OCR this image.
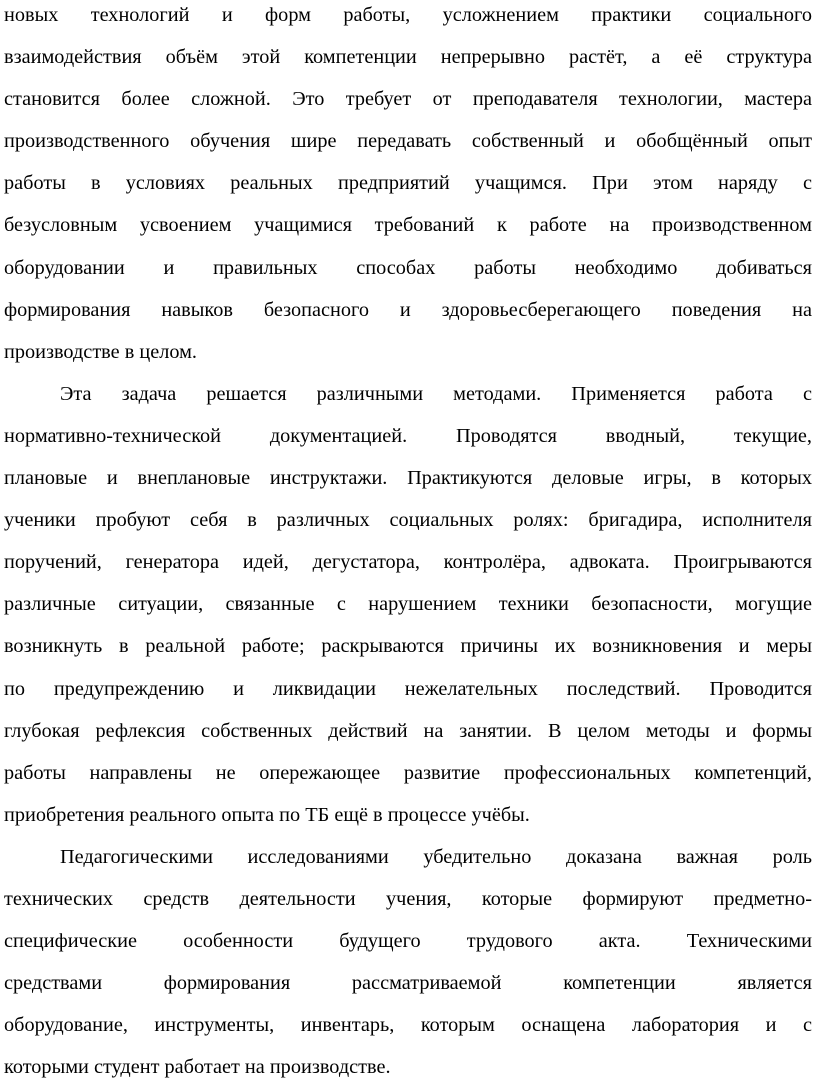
новых технологий и форм работы, усложнением практики социального
взаимодействия объём этой компетенции непрерывно растёт, а её структура
становится более сложной. Это требует от преподавателя технологии, мастера
производственного обучения шире передавать собственный и обобщённый опыт
работы в условиях реальных предприятий учащимся. При этом наряду с
безусловным усвоением учащимися требований к работе на производственном
оборудовании и правильных способах работы необходимо добиваться
формирования навыков безопасного и здоровьесберегающего поведения на
производстве в целом.
Эта задача решается различными методами. Применяется работа с
нормативно-технической документацией. Проводятся вводный, текущие,
плановые и внеплановые инструктажи. Практикуются деловые игры, в которых
ученики пробуют себя в различных социальных ролях: бригадира, исполнителя
поручений, генератора идей, дегустатора, контролёра, адвоката. Проигрываются
различные ситуации, связанные с нарушением техники безопасности, могущие
возникнуть в реальной работе; раскрываются причины их возникновения и меры
по предупреждению и ликвидации нежелательных последствий. Проводится
глубокая рефлексия собственных действий на занятии. В целом методы и формы
работы направлены не опережающее развитие профессиональных компетенций,
приобретения реального опыта по ТБ ещё в процессе учёбы.
Педагогическими исследованиями убедительно доказана важная роль
технических средств деятельности учения, которые формируют предметно-
специфические особенности будущего трудового акта. Техническими
средствами формирования рассматриваемой компетенции является
оборудование, инструменты, инвентарь, которым оснащена лаборатория и с
которыми студент работает на производстве.
